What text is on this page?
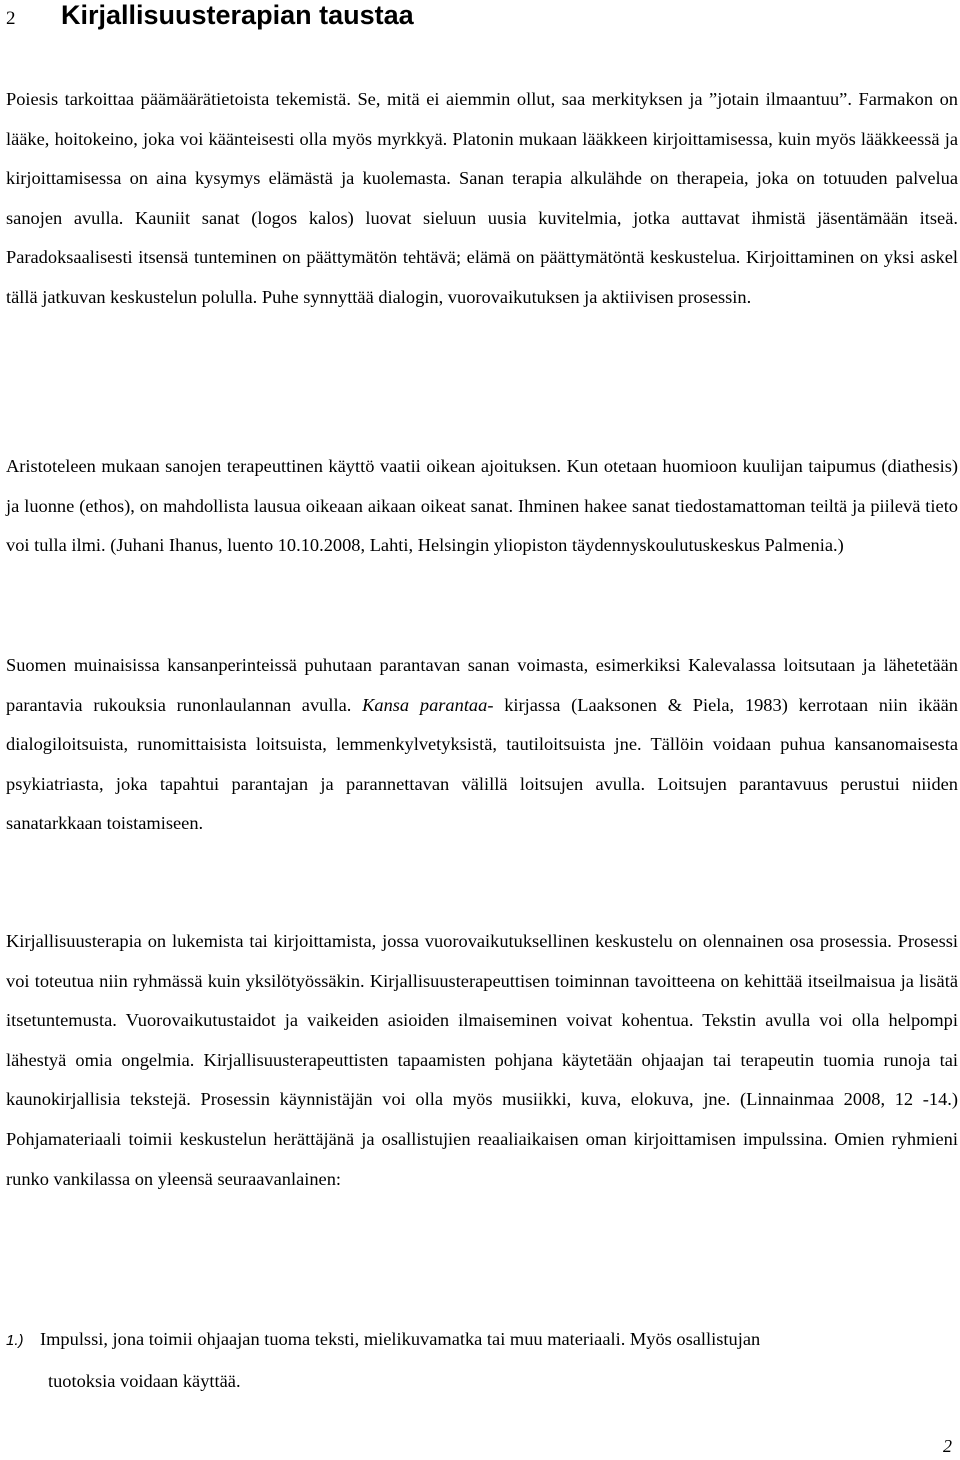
2	Kirjallisuusterapian taustaa
Poiesis tarkoittaa päämäärätietoista tekemistä. Se, mitä ei aiemmin ollut, saa merkityksen ja ”jotain ilmaantuu”. Farmakon on lääke, hoitokeino, joka voi käänteisesti olla myös myrkkyä. Platonin mukaan lääkkeen kirjoittamisessa, kuin myös lääkkeessä ja kirjoittamisessa on aina kysymys elämästä ja kuolemasta. Sanan terapia alkulähde on therapeia, joka on totuuden palvelua sanojen avulla. Kauniit sanat (logos kalos) luovat sieluun uusia kuvitelmia, jotka auttavat ihmistä jäsentämään itseä. Paradoksaalisesti itsensä tunteminen on päättymätön tehtävä; elämä on päättymätöntä keskustelua. Kirjoittaminen on yksi askel tällä jatkuvan keskustelun polulla. Puhe synnyttää dialogin, vuorovaikutuksen ja aktiivisen prosessin.
Aristoteleen mukaan sanojen terapeuttinen käyttö vaatii oikean ajoituksen. Kun otetaan huomioon kuulijan taipumus (diathesis) ja luonne (ethos), on mahdollista lausua oikeaan aikaan oikeat sanat. Ihminen hakee sanat tiedostamattoman teiltä ja piilevä tieto voi tulla ilmi. (Juhani Ihanus, luento 10.10.2008, Lahti, Helsingin yliopiston täydennyskoulutuskeskus Palmenia.)
Suomen muinaisissa kansanperinteissä puhutaan parantavan sanan voimasta, esimerkiksi Kalevalassa loitsutaan ja lähetetään parantavia rukouksia runonlaulannan avulla. Kansa parantaa- kirjassa (Laaksonen & Piela, 1983) kerrotaan niin ikään dialogiloitsuista, runomittaisista loitsuista, lemmenkylvetyksistä, tautiloitsuista jne. Tällöin voidaan puhua kansanomaisesta psykiatriasta, joka tapahtui parantajan ja parannettavan välillä loitsujen avulla. Loitsujen parantavuus perustui niiden sanatarkkaan toistamiseen.
Kirjallisuusterapia on lukemista tai kirjoittamista, jossa vuorovaikutuksellinen keskustelu on olennainen osa prosessia. Prosessi voi toteutua niin ryhmässä kuin yksilötyössäkin. Kirjallisuusterapeuttisen toiminnan tavoitteena on kehittää itseilmaisua ja lisätä itsetuntemusta. Vuorovaikutustaidot ja vaikeiden asioiden ilmaiseminen voivat kohentua. Tekstin avulla voi olla helpompi lähestyä omia ongelmia. Kirjallisuusterapeuttisten tapaamisten pohjana käytetään ohjaajan tai terapeutin tuomia runoja tai kaunokirjallisia tekstejä. Prosessin käynnistäjän voi olla myös musiikki, kuva, elokuva, jne. (Linnainmaa 2008, 12 -14.) Pohjamateriaali toimii keskustelun herättäjänä ja osallistujien reaaliaikaisen oman kirjoittamisen impulssina. Omien ryhmieni runko vankilassa on yleensä seuraavanlainen:
1.) Impulssi, jona toimii ohjaajan tuoma teksti, mielikuvamatka tai muu materiaali. Myös osallistujan
tuotoksia voidaan käyttää.
2
